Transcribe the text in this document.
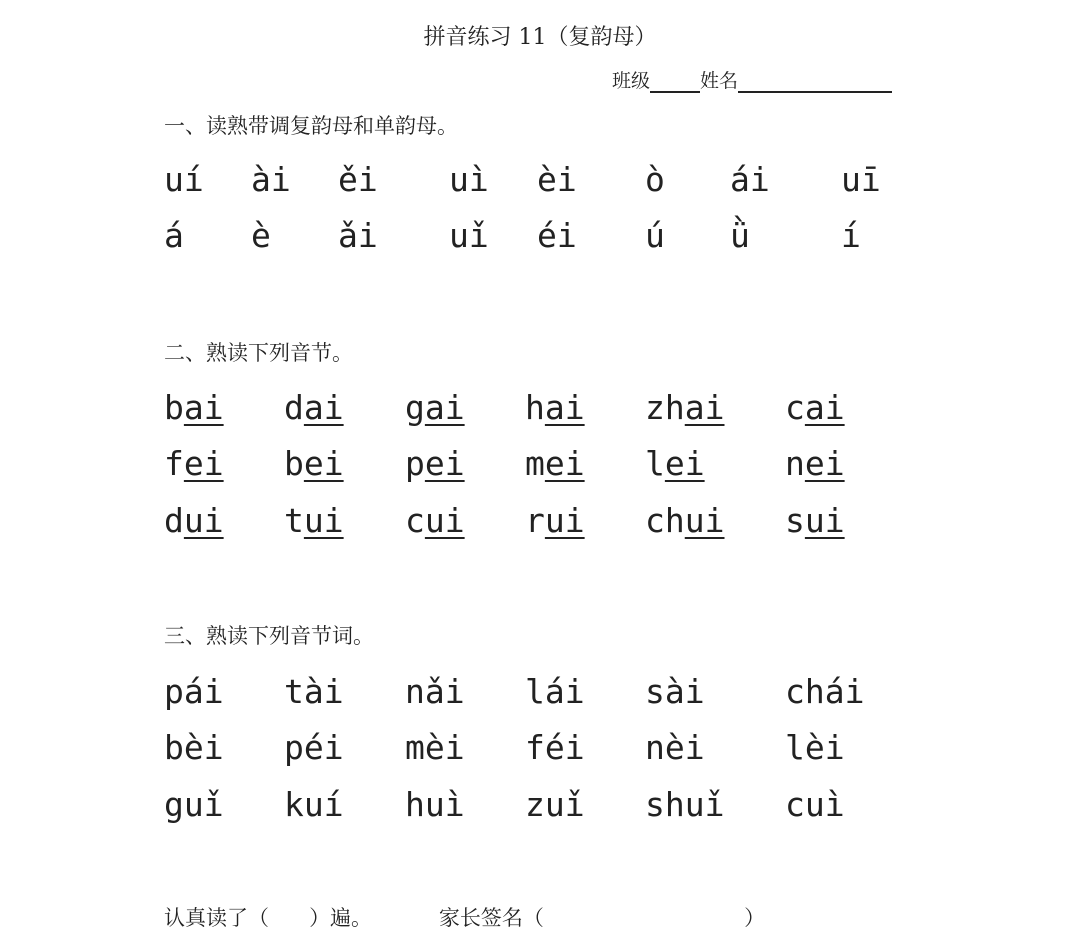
拼音练习 11（复韵母）
班级	姓名
一、读熟带调复韵母和单韵母。
uí ài ěi uì èi ò ái uī
á è ǎi uǐ éi ú ǜ	í
二、熟读下列音节。
bai dai gai hai zhai cai
fei bei pei mei lei nei
dui tui cui rui chui sui
三、熟读下列音节词。
pái tài nǎi lái sài chái
bèi péi mèi féi nèi lèi
guǐ kuí huì zuǐ shuǐ cuì
认真读了（ ）遍。	家长签名（	）
